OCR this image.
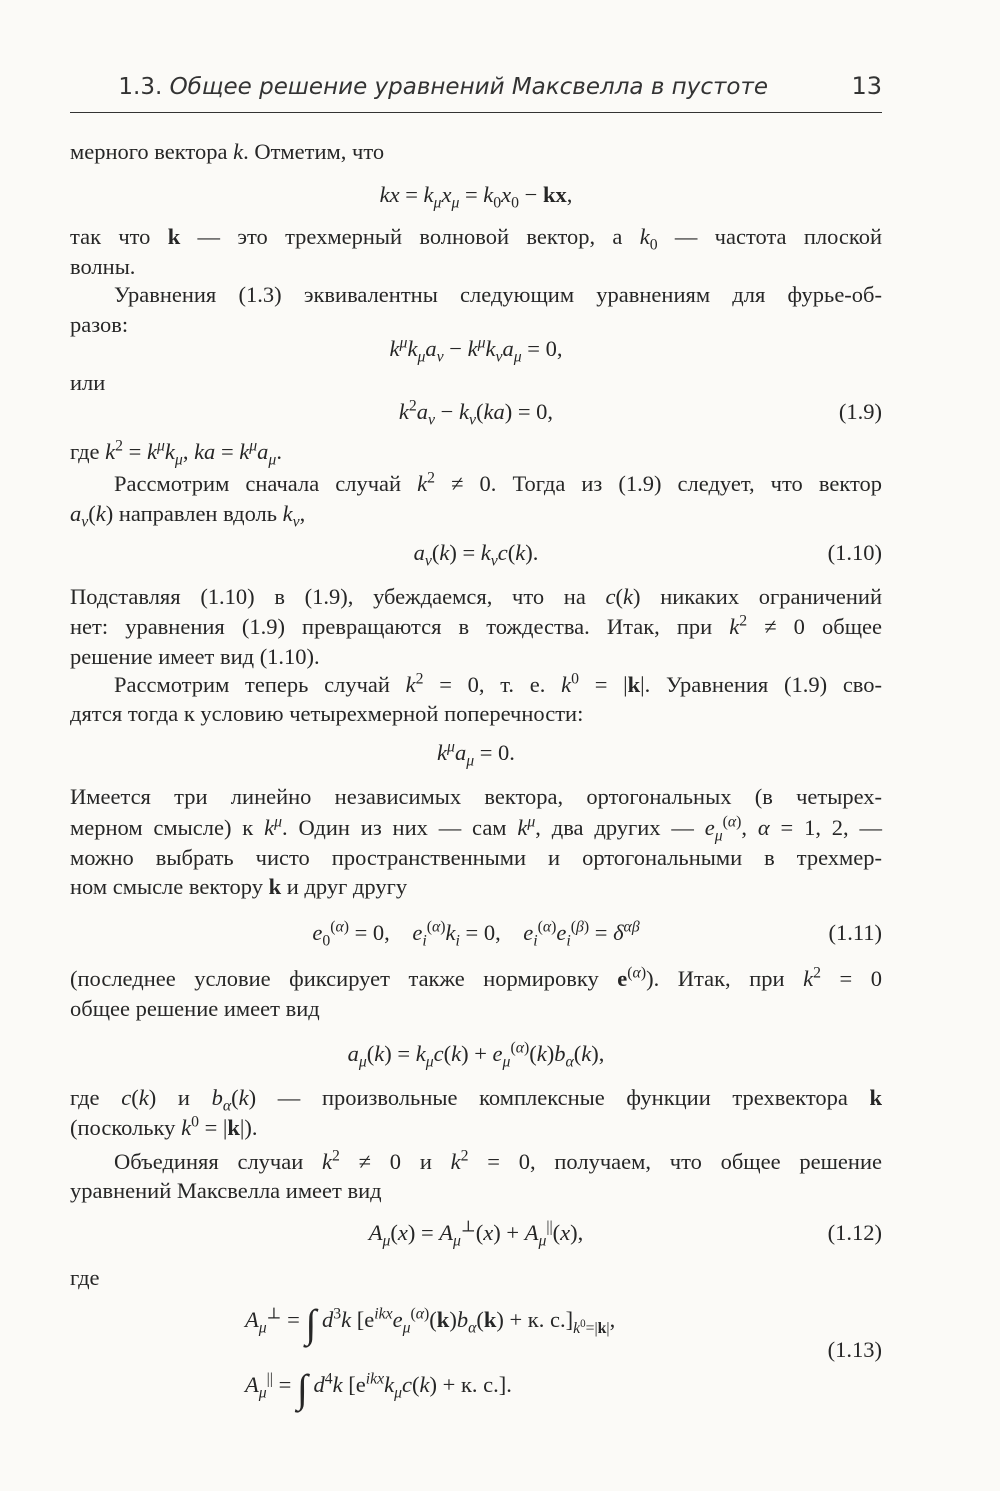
1.3. Общее решение уравнений Максвелла в пустоте	13
мерного вектора k. Отметим, что
kx = $k_\mu x_\mu = k_0x_0$ − kx,
так что k — это трехмерный волновой вектор, а $k_0$ — частота плоской
волны.
Уравнения (1.3) эквивалентны следующим уравнениям для фурье-об-
разов:
$k^\mu k_\mu a_\nu - k^\mu k_\nu a_\mu = 0$,
или
$k^2a_\nu - k_\nu(ka) = 0$,	(1.9)
где $k^2 = k^\mu k_\mu$, ka = $k^\mu a_\mu$.
Рассмотрим сначала случай $k^2 \ne 0$. Тогда из (1.9) следует, что вектор
$a_\nu(k)$ направлен вдоль $k_\nu$,
$a_\nu(k) = k_\nu c(k)$.	(1.10)
Подставляя (1.10) в (1.9), убеждаемся, что на c(k) никаких ограничений
нет: уравнения (1.9) превращаются в тождества. Итак, при $k^2 \ne 0$ общее
решение имеет вид (1.10).
Рассмотрим теперь случай $k^2 = 0$, т. е. $k^0 = |k|$. Уравнения (1.9) сво-
дятся тогда к условию четырехмерной поперечности:
$k^\mu a_\mu = 0$.
Имеется три линейно независимых вектора, ортогональных (в четырех-
мерном смысле) к $k^\mu$. Один из них — сам $k^\mu$, два других — $e_\mu^{(\alpha)}$, α = 1, 2, —
можно выбрать чисто пространственными и ортогональными в трехмер-
ном смысле вектору k и друг другу
$e_0^{(\alpha)} = 0$,    $e_i^{(\alpha)}k_i = 0$,    $e_i^{(\alpha)}e_i^{(\beta)} = \delta^{\alpha\beta}$	(1.11)
(последнее условие фиксирует также нормировку $e^{(\alpha)}$). Итак, при $k^2 = 0$
общее решение имеет вид
$a_\mu(k) = k_\mu c(k) + e_\mu^{(\alpha)}(k)b_\alpha(k)$,
где c(k) и $b_\alpha(k)$ — произвольные комплексные функции трехвектора k
(поскольку $k^0 = |k|$).
Объединяя случаи $k^2 \ne 0$ и $k^2 = 0$, получаем, что общее решение
уравнений Максвелла имеет вид
$A_\mu(x) = A_\mu^\perp(x) + A_\mu^{||}(x)$,	(1.12)
где
$A_\mu^\perp$ = ∫ $d^3k$ [$e^{ikx}e_\mu^{(\alpha)}(k)b_\alpha(k) + к$. $с.]_{k^0=|k|}$,
$A_\mu^{||}$ = ∫ $d^4k$ [$e^{ikx}k_\mu c(k) + к$. с.].
(1.13)
